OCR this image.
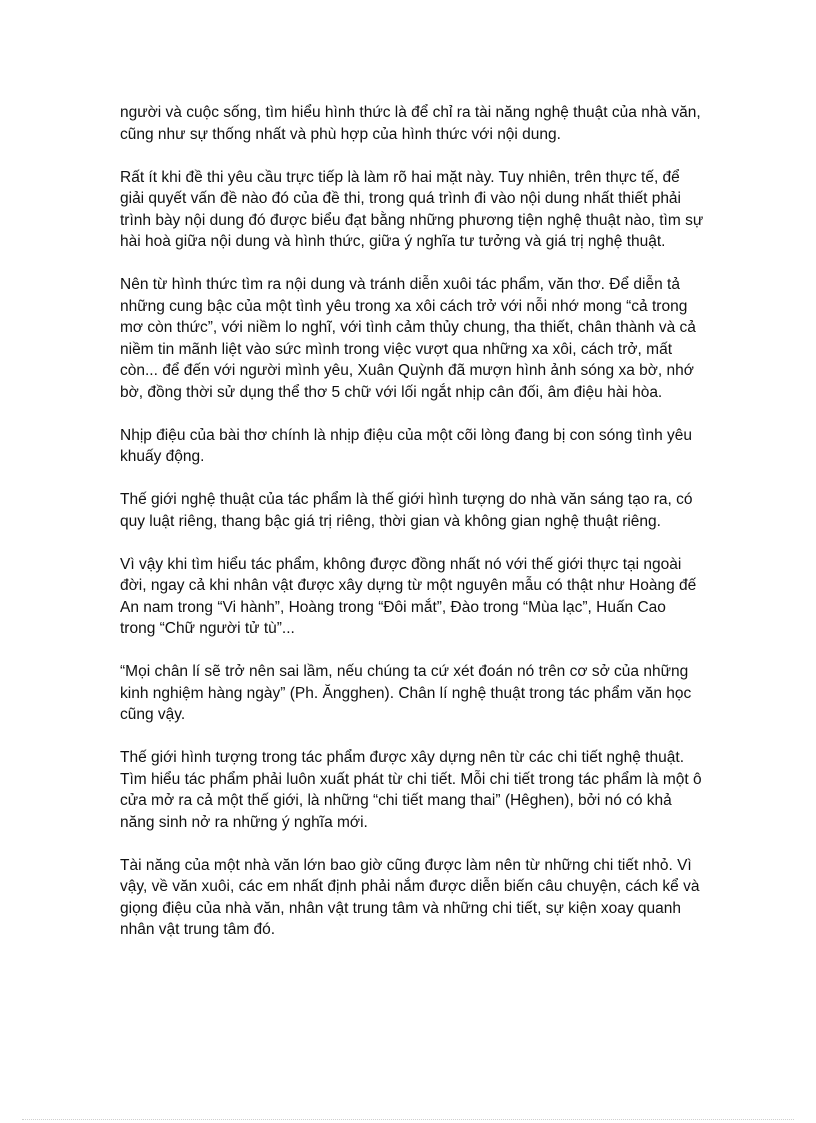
người và cuộc sống, tìm hiểu hình thức là để chỉ ra tài năng nghệ thuật của nhà văn, cũng như sự thống nhất và phù hợp của hình thức với nội dung.

Rất ít khi đề thi yêu cầu trực tiếp là làm rõ hai mặt này. Tuy nhiên, trên thực tế, để giải quyết vấn đề nào đó của đề thi, trong quá trình đi vào nội dung nhất thiết phải trình bày nội dung đó được biểu đạt bằng những phương tiện nghệ thuật nào, tìm sự hài hoà giữa nội dung và hình thức, giữa ý nghĩa tư tưởng và giá trị nghệ thuật.

Nên từ hình thức tìm ra nội dung và tránh diễn xuôi tác phẩm, văn thơ. Để diễn tả những cung bậc của một tình yêu trong xa xôi cách trở với nỗi nhớ mong “cả trong mơ còn thức”, với niềm lo nghĩ, với tình cảm thủy chung, tha thiết, chân thành và cả niềm tin mãnh liệt vào sức mình trong việc vượt qua những xa xôi, cách trở, mất còn... để đến với người mình yêu, Xuân Quỳnh đã mượn hình ảnh sóng xa bờ, nhớ bờ, đồng thời sử dụng thể thơ 5 chữ với lối ngắt nhịp cân đối, âm điệu hài hòa.

Nhịp điệu của bài thơ chính là nhịp điệu của một cõi lòng đang bị con sóng tình yêu khuấy động.

Thế giới nghệ thuật của tác phẩm là thế giới hình tượng do nhà văn sáng tạo ra, có quy luật riêng, thang bậc giá trị riêng, thời gian và không gian nghệ thuật riêng.

Vì vậy khi tìm hiểu tác phẩm, không được đồng nhất nó với thế giới thực tại ngoài đời, ngay cả khi nhân vật được xây dựng từ một nguyên mẫu có thật như Hoàng đế An nam trong “Vi hành”, Hoàng trong “Đôi mắt”, Đào trong “Mùa lạc”, Huấn Cao trong “Chữ người tử tù”...

“Mọi chân lí sẽ trở nên sai lầm, nếu chúng ta cứ xét đoán nó trên cơ sở của những kinh nghiệm hàng ngày” (Ph. Ăngghen). Chân lí nghệ thuật trong tác phẩm văn học cũng vậy.

Thế giới hình tượng trong tác phẩm được xây dựng nên từ các chi tiết nghệ thuật. Tìm hiểu tác phẩm phải luôn xuất phát từ chi tiết. Mỗi chi tiết trong tác phẩm là một ô cửa mở ra cả một thế giới, là những “chi tiết mang thai” (Hêghen), bởi nó có khả năng sinh nở ra những ý nghĩa mới.

Tài năng của một nhà văn lớn bao giờ cũng được làm nên từ những chi tiết nhỏ. Vì vậy, về văn xuôi, các em nhất định phải nắm được diễn biến câu chuyện, cách kể và giọng điệu của nhà văn, nhân vật trung tâm và những chi tiết, sự kiện xoay quanh nhân vật trung tâm đó.
